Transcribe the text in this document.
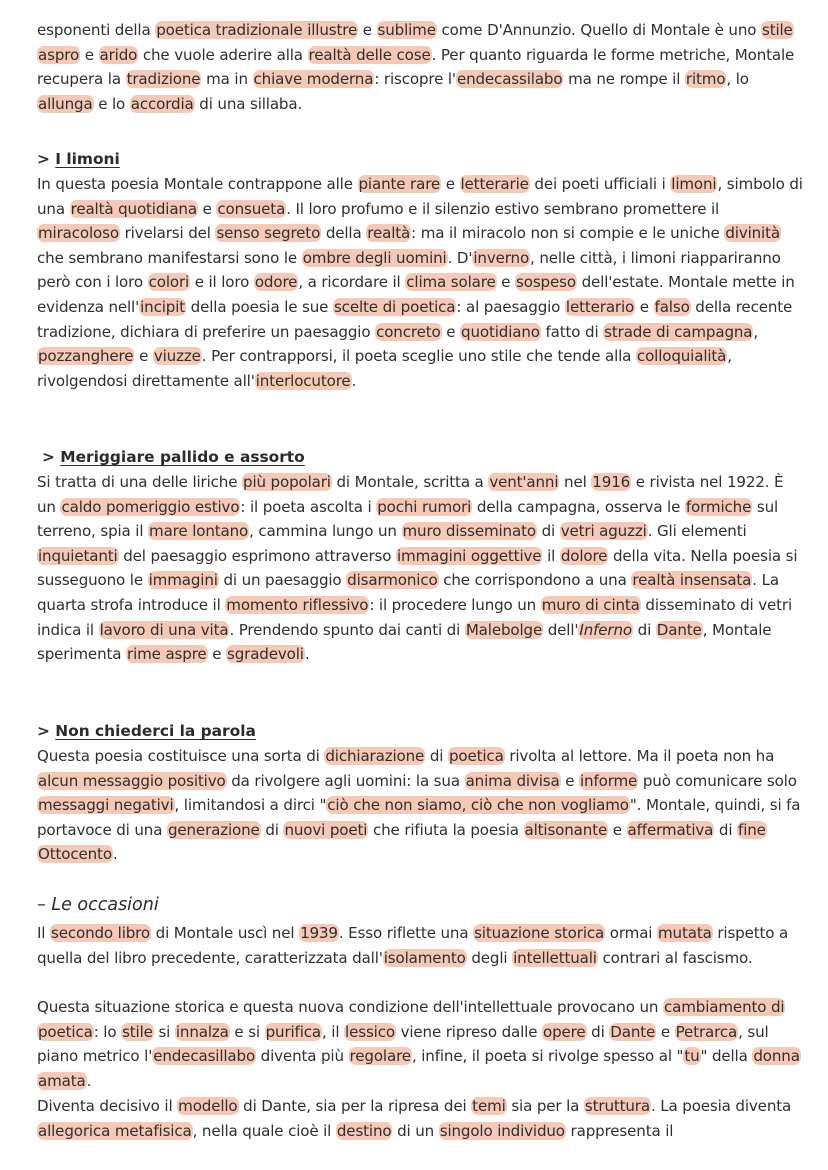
esponenti della poetica tradizionale illustre e sublime come D'Annunzio. Quello di Montale è uno stile aspro e arido che vuole aderire alla realtà delle cose. Per quanto riguarda le forme metriche, Montale recupera la tradizione ma in chiave moderna: riscopre l'endecassilabo ma ne rompe il ritmo, lo allunga e lo accordia di una sillaba.

> I limoni

In questa poesia Montale contrappone alle piante rare e letterarie dei poeti ufficiali i limoni, simbolo di una realtà quotidiana e consueta. Il loro profumo e il silenzio estivo sembrano promettere il miracoloso rivelarsi del senso segreto della realtà: ma il miracolo non si compie e le uniche divinità che sembrano manifestarsi sono le ombre degli uomini. D'inverno, nelle città, i limoni riappariranno però con i loro colori e il loro odore, a ricordare il clima solare e sospeso dell'estate. Montale mette in evidenza nell'incipit della poesia le sue scelte di poetica: al paesaggio letterario e falso della recente tradizione, dichiara di preferire un paesaggio concreto e quotidiano fatto di strade di campagna, pozzanghere e viuzze. Per contrapporsi, il poeta sceglie uno stile che tende alla colloquialità, rivolgendosi direttamente all'interlocutore.

> Meriggiare pallido e assorto

Si tratta di una delle liriche più popolari di Montale, scritta a vent'anni nel 1916 e rivista nel 1922. È un caldo pomeriggio estivo: il poeta ascolta i pochi rumori della campagna, osserva le formiche sul terreno, spia il mare lontano, cammina lungo un muro disseminato di vetri aguzzi. Gli elementi inquietanti del paesaggio esprimono attraverso immagini oggettive il dolore della vita. Nella poesia si susseguono le immagini di un paesaggio disarmonico che corrispondono a una realtà insensata. La quarta strofa introduce il momento riflessivo: il procedere lungo un muro di cinta disseminato di vetri indica il lavoro di una vita. Prendendo spunto dai canti di Malebolge dell'Inferno di Dante, Montale sperimenta rime aspre e sgradevoli.

> Non chiederci la parola

Questa poesia costituisce una sorta di dichiarazione di poetica rivolta al lettore. Ma il poeta non ha alcun messaggio positivo da rivolgere agli uomini: la sua anima divisa e informe può comunicare solo messaggi negativi, limitandosi a dirci "ciò che non siamo, ciò che non vogliamo". Montale, quindi, si fa portavoce di una generazione di nuovi poeti che rifiuta la poesia altisonante e affermativa di fine Ottocento.

– Le occasioni

Il secondo libro di Montale uscì nel 1939. Esso riflette una situazione storica ormai mutata rispetto a quella del libro precedente, caratterizzata dall'isolamento degli intellettuali contrari al fascismo.

Questa situazione storica e questa nuova condizione dell'intellettuale provocano un cambiamento di poetica: lo stile si innalza e si purifica, il lessico viene ripreso dalle opere di Dante e Petrarca, sul piano metrico l'endecasillabo diventa più regolare, infine, il poeta si rivolge spesso al "tu" della donna amata.

Diventa decisivo il modello di Dante, sia per la ripresa dei temi sia per la struttura. La poesia diventa allegorica metafisica, nella quale cioè il destino di un singolo individuo rappresenta il
